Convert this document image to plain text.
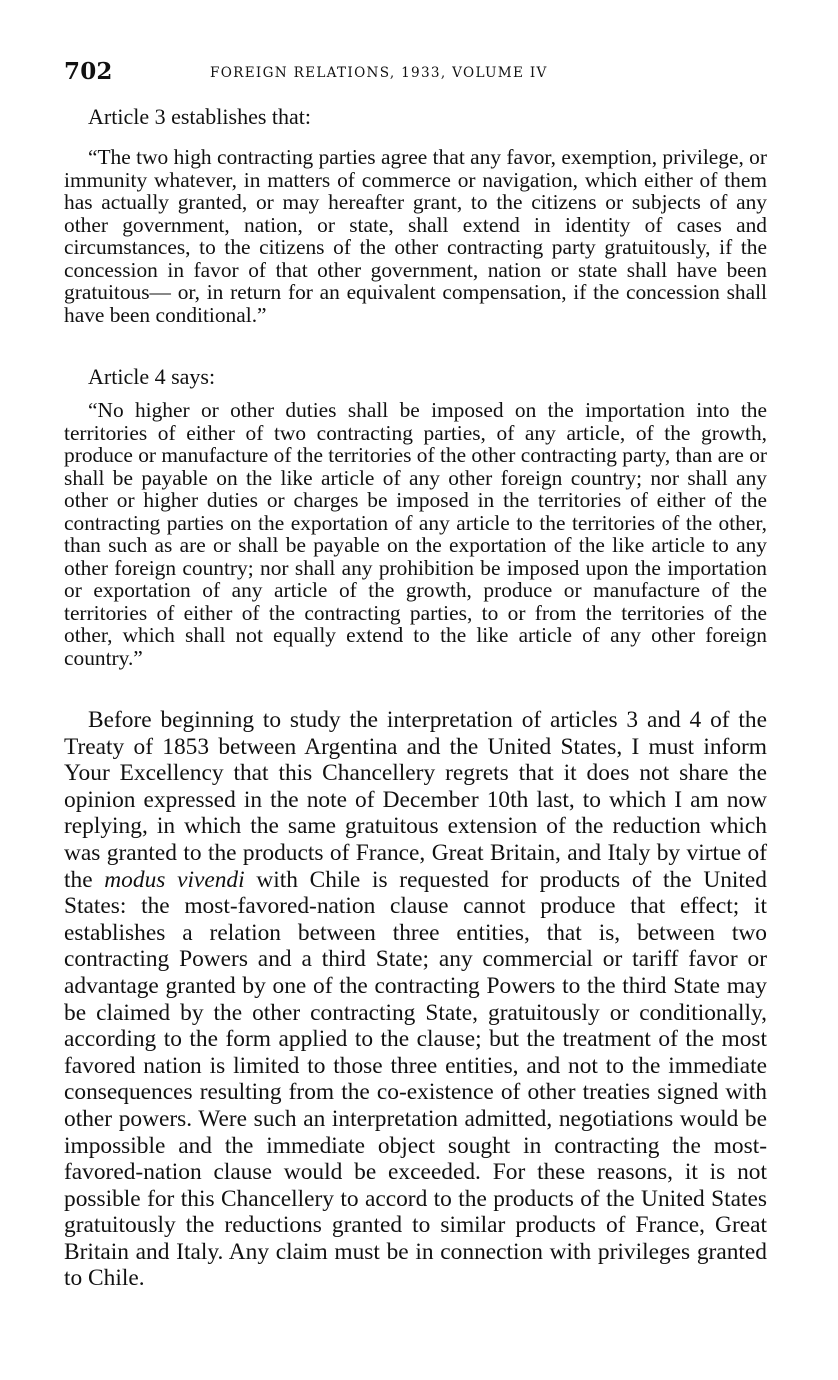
702	FOREIGN RELATIONS, 1933, VOLUME IV
Article 3 establishes that:

“The two high contracting parties agree that any favor, exemption, privilege, or immunity whatever, in matters of commerce or navigation, which either of them has actually granted, or may hereafter grant, to the citizens or subjects of any other government, nation, or state, shall extend in identity of cases and circumstances, to the citizens of the other contracting party gratuitously, if the concession in favor of that other government, nation or state shall have been gratuitous— or, in return for an equivalent compensation, if the concession shall have been conditional.”

Article 4 says:

“No higher or other duties shall be imposed on the importation into the territories of either of two contracting parties, of any article, of the growth, produce or manufacture of the territories of the other contracting party, than are or shall be payable on the like article of any other foreign country; nor shall any other or higher duties or charges be imposed in the territories of either of the contracting parties on the exportation of any article to the territories of the other, than such as are or shall be payable on the exportation of the like article to any other foreign country; nor shall any prohibition be imposed upon the importation or exportation of any article of the growth, produce or manufacture of the territories of either of the contracting parties, to or from the territories of the other, which shall not equally extend to the like article of any other foreign country.”

Before beginning to study the interpretation of articles 3 and 4 of the Treaty of 1853 between Argentina and the United States, I must inform Your Excellency that this Chancellery regrets that it does not share the opinion expressed in the note of December 10th last, to which I am now replying, in which the same gratuitous extension of the reduction which was granted to the products of France, Great Britain, and Italy by virtue of the modus vivendi with Chile is requested for products of the United States: the most-favored-nation clause cannot produce that effect; it establishes a relation between three entities, that is, between two contracting Powers and a third State; any commercial or tariff favor or advantage granted by one of the contracting Powers to the third State may be claimed by the other contracting State, gratuitously or conditionally, according to the form applied to the clause; but the treatment of the most favored nation is limited to those three entities, and not to the immediate consequences resulting from the co-existence of other treaties signed with other powers. Were such an interpretation admitted, negotiations would be impossible and the immediate object sought in contracting the most-favored-nation clause would be exceeded. For these reasons, it is not possible for this Chancellery to accord to the products of the United States gratuitously the reductions granted to similar products of France, Great Britain and Italy. Any claim must be in connection with privileges granted to Chile.
